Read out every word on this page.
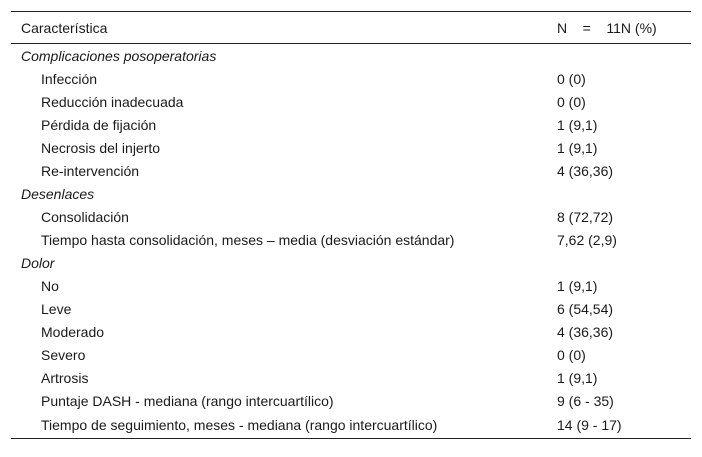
Característica	N    =    11N (%)
Complicaciones posoperatorias	
Infección	0 (0)
Reducción inadecuada	0 (0)
Pérdida de fijación	1 (9,1)
Necrosis del injerto	1 (9,1)
Re-intervención	4 (36,36)
Desenlaces	
Consolidación	8 (72,72)
Tiempo hasta consolidación, meses – media (desviación estándar)	7,62 (2,9)
Dolor	
No	1 (9,1)
Leve	6 (54,54)
Moderado	4 (36,36)
Severo	0 (0)
Artrosis	1 (9,1)
Puntaje DASH - mediana (rango intercuartílico)	9 (6 - 35)
Tiempo de seguimiento, meses - mediana (rango intercuartílico)	14 (9 - 17)
